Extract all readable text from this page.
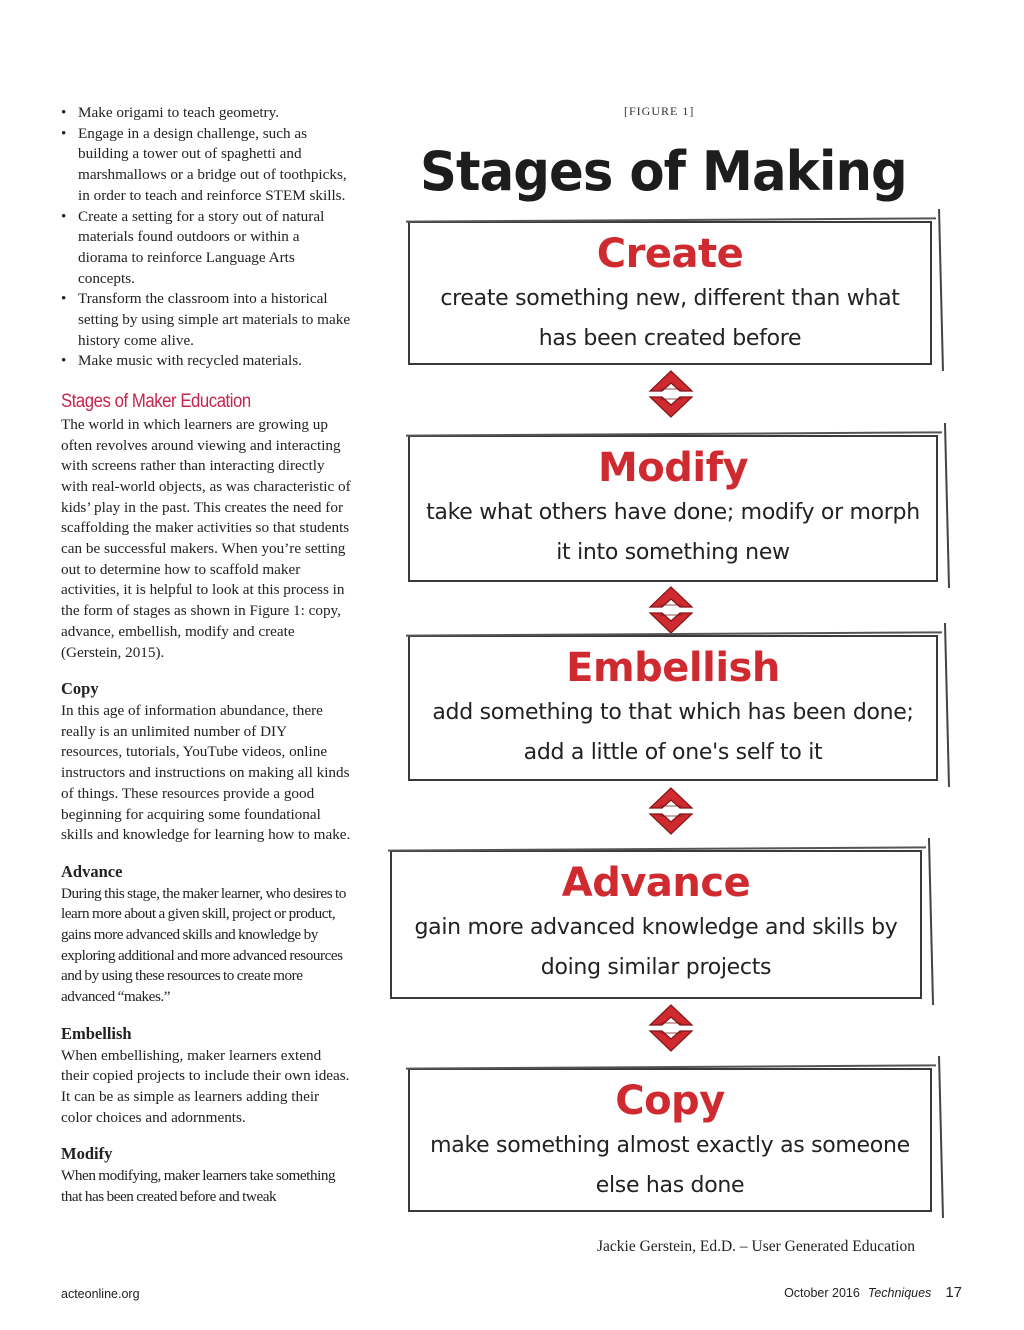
• Make origami to teach geometry.
• Engage in a design challenge, such as building a tower out of spaghetti and marshmallows or a bridge out of toothpicks, in order to teach and reinforce STEM skills.
• Create a setting for a story out of natural materials found outdoors or within a diorama to reinforce Language Arts concepts.
• Transform the classroom into a historical setting by using simple art materials to make history come alive.
• Make music with recycled materials.
Stages of Maker Education

The world in which learners are growing up often revolves around viewing and interacting with screens rather than interacting directly with real-world objects, as was characteristic of kids’ play in the past. This creates the need for scaffolding the maker activities so that students can be successful makers. When you’re setting out to determine how to scaffold maker activities, it is helpful to look at this process in the form of stages as shown in Figure 1: copy, advance, embellish, modify and create (Gerstein, 2015).

Copy

In this age of information abundance, there really is an unlimited number of DIY resources, tutorials, YouTube videos, online instructors and instructions on making all kinds of things. These resources provide a good beginning for acquiring some foundational skills and knowledge for learning how to make.

Advance

During this stage, the maker learner, who desires to learn more about a given skill, project or product, gains more advanced skills and knowledge by exploring additional and more advanced resources and by using these resources to create more advanced “makes.”

Embellish

When embellishing, maker learners extend their copied projects to include their own ideas. It can be as simple as learners adding their color choices and adornments.

Modify

When modifying, maker learners take something that has been created before and tweak

[FIGURE 1]
Stages of Making
Create
create something new, different than what has been created before
Modify
take what others have done; modify or morph it into something new
Embellish
add something to that which has been done; add a little of one's self to it
Advance
gain more advanced knowledge and skills by doing similar projects
Copy
make something almost exactly as someone else has done
Jackie Gerstein, Ed.D. – User Generated Education
acteonline.org	October 2016 Techniques 17
